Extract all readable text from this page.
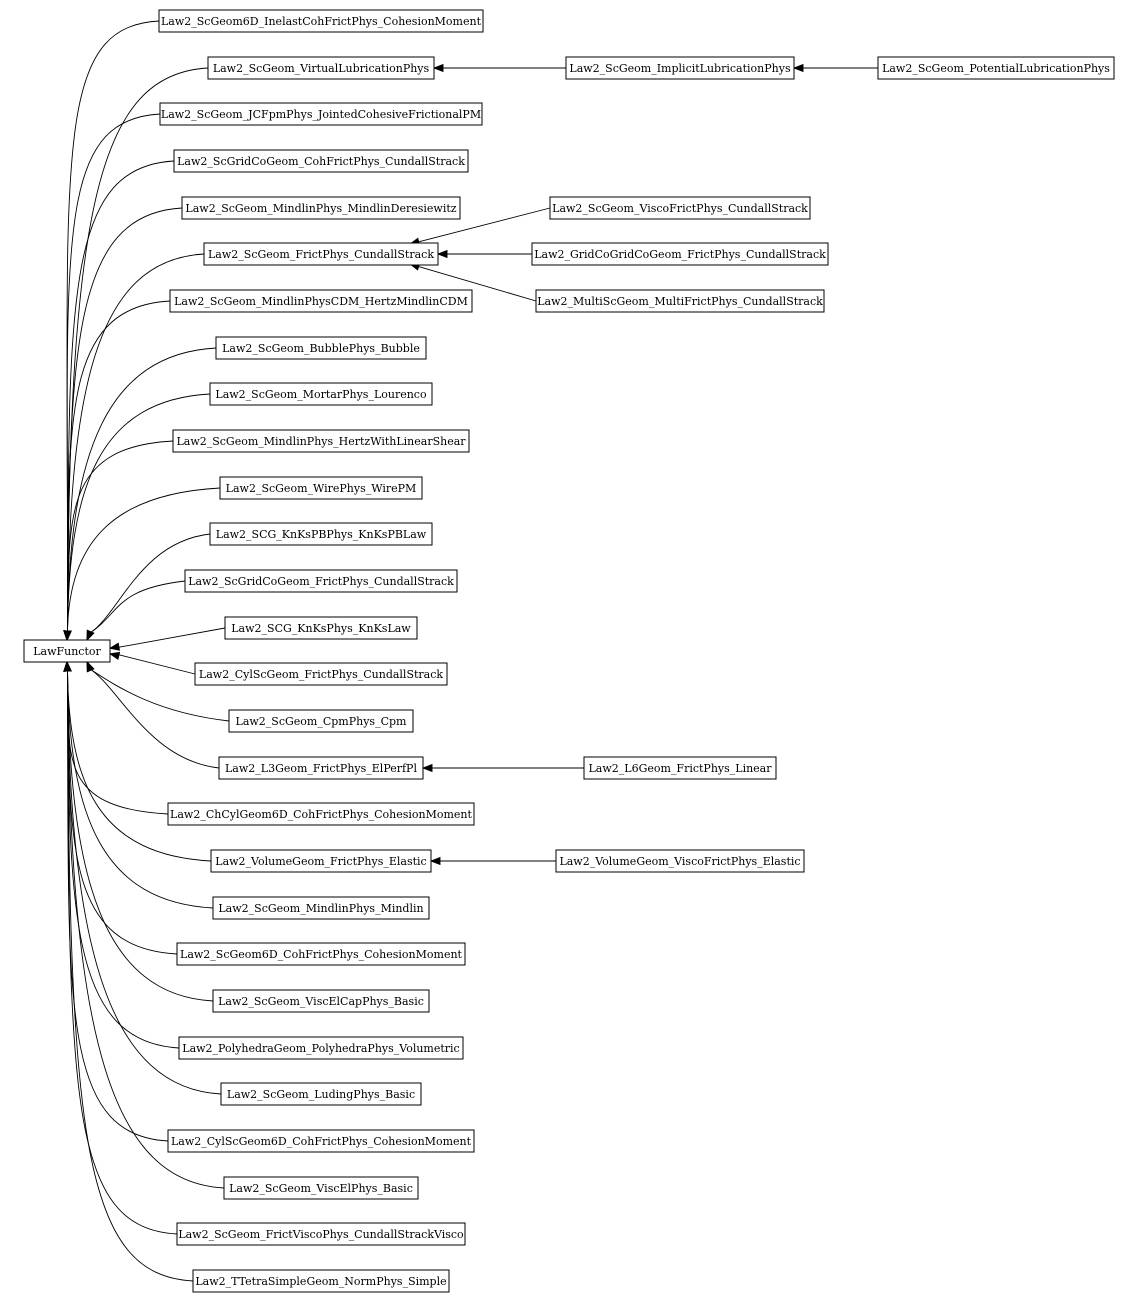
LawFunctor
Law2_ScGeom6D_InelastCohFrictPhys_CohesionMoment
Law2_ScGeom_VirtualLubricationPhys
Law2_ScGeom_JCFpmPhys_JointedCohesiveFrictionalPM
Law2_ScGridCoGeom_CohFrictPhys_CundallStrack
Law2_ScGeom_MindlinPhys_MindlinDeresiewitz
Law2_ScGeom_FrictPhys_CundallStrack
Law2_ScGeom_MindlinPhysCDM_HertzMindlinCDM
Law2_ScGeom_BubblePhys_Bubble
Law2_ScGeom_MortarPhys_Lourenco
Law2_ScGeom_MindlinPhys_HertzWithLinearShear
Law2_ScGeom_WirePhys_WirePM
Law2_SCG_KnKsPBPhys_KnKsPBLaw
Law2_ScGridCoGeom_FrictPhys_CundallStrack
Law2_SCG_KnKsPhys_KnKsLaw
Law2_CylScGeom_FrictPhys_CundallStrack
Law2_ScGeom_CpmPhys_Cpm
Law2_L3Geom_FrictPhys_ElPerfPl
Law2_ChCylGeom6D_CohFrictPhys_CohesionMoment
Law2_VolumeGeom_FrictPhys_Elastic
Law2_ScGeom_MindlinPhys_Mindlin
Law2_ScGeom6D_CohFrictPhys_CohesionMoment
Law2_ScGeom_ViscElCapPhys_Basic
Law2_PolyhedraGeom_PolyhedraPhys_Volumetric
Law2_ScGeom_LudingPhys_Basic
Law2_CylScGeom6D_CohFrictPhys_CohesionMoment
Law2_ScGeom_ViscElPhys_Basic
Law2_ScGeom_FrictViscoPhys_CundallStrackVisco
Law2_TTetraSimpleGeom_NormPhys_Simple
Law2_ScGeom_ImplicitLubricationPhys
Law2_ScGeom_ViscoFrictPhys_CundallStrack
Law2_GridCoGridCoGeom_FrictPhys_CundallStrack
Law2_MultiScGeom_MultiFrictPhys_CundallStrack
Law2_L6Geom_FrictPhys_Linear
Law2_VolumeGeom_ViscoFrictPhys_Elastic
Law2_ScGeom_PotentialLubricationPhys
